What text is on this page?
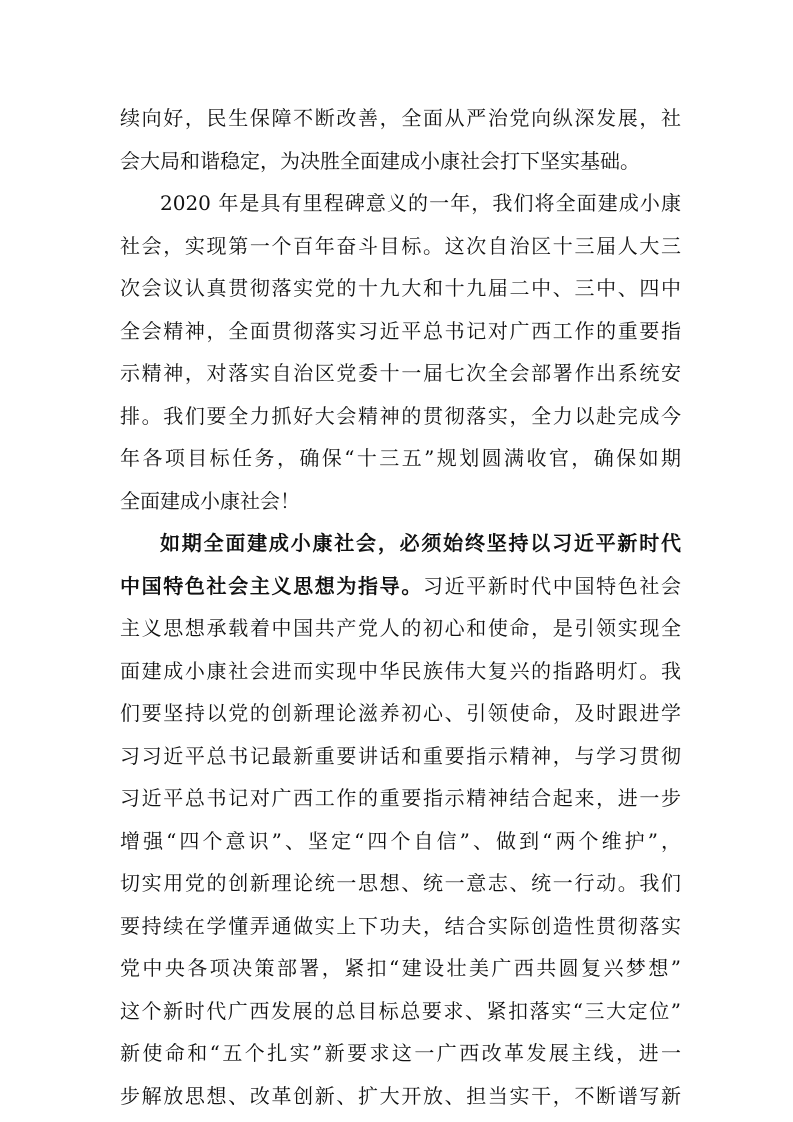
续向好，民生保障不断改善，全面从严治党向纵深发展，社
会大局和谐稳定，为决胜全面建成小康社会打下坚实基础。
2020 年是具有里程碑意义的一年，我们将全面建成小康
社会，实现第一个百年奋斗目标。这次自治区十三届人大三
次会议认真贯彻落实党的十九大和十九届二中、三中、四中
全会精神，全面贯彻落实习近平总书记对广西工作的重要指
示精神，对落实自治区党委十一届七次全会部署作出系统安
排。我们要全力抓好大会精神的贯彻落实，全力以赴完成今
年各项目标任务，确保“十三五”规划圆满收官，确保如期
全面建成小康社会！
如期全面建成小康社会，必须始终坚持以习近平新时代
中国特色社会主义思想为指导。习近平新时代中国特色社会
主义思想承载着中国共产党人的初心和使命，是引领实现全
面建成小康社会进而实现中华民族伟大复兴的指路明灯。我
们要坚持以党的创新理论滋养初心、引领使命，及时跟进学
习习近平总书记最新重要讲话和重要指示精神，与学习贯彻
习近平总书记对广西工作的重要指示精神结合起来，进一步
增强“四个意识”、坚定“四个自信”、做到“两个维护”，
切实用党的创新理论统一思想、统一意志、统一行动。我们
要持续在学懂弄通做实上下功夫，结合实际创造性贯彻落实
党中央各项决策部署，紧扣“建设壮美广西共圆复兴梦想”
这个新时代广西发展的总目标总要求、紧扣落实“三大定位”
新使命和“五个扎实”新要求这一广西改革发展主线，进一
步解放思想、改革创新、扩大开放、担当实干，不断谱写新
